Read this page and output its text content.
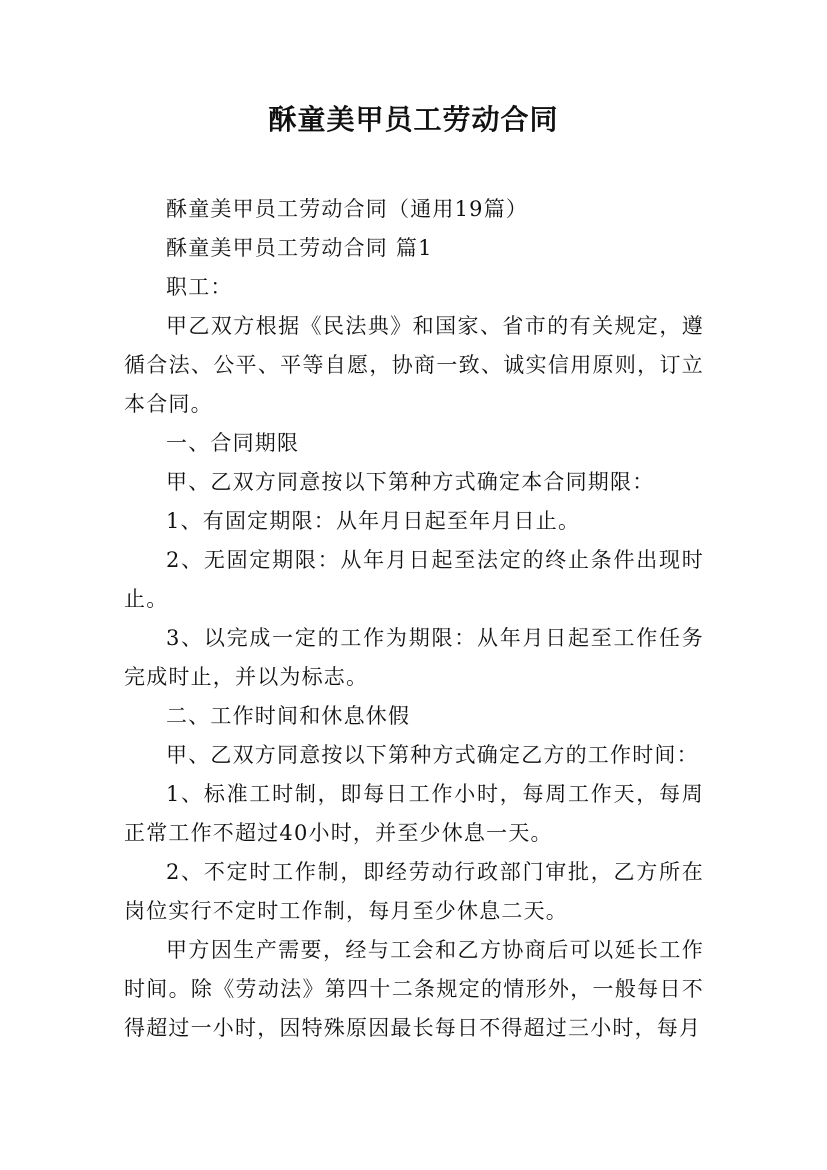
酥童美甲员工劳动合同

酥童美甲员工劳动合同（通用19篇）

酥童美甲员工劳动合同 篇1

职工：

甲乙双方根据《民法典》和国家、省市的有关规定，遵循合法、公平、平等自愿，协商一致、诚实信用原则，订立本合同。

一、合同期限

甲、乙双方同意按以下第种方式确定本合同期限：

1、有固定期限：从年月日起至年月日止。

2、无固定期限：从年月日起至法定的终止条件出现时止。

3、以完成一定的工作为期限：从年月日起至工作任务完成时止，并以为标志。

二、工作时间和休息休假

甲、乙双方同意按以下第种方式确定乙方的工作时间：

1、标准工时制，即每日工作小时，每周工作天，每周正常工作不超过40小时，并至少休息一天。

2、不定时工作制，即经劳动行政部门审批，乙方所在岗位实行不定时工作制，每月至少休息二天。

甲方因生产需要，经与工会和乙方协商后可以延长工作时间。除《劳动法》第四十二条规定的情形外，一般每日不得超过一小时，因特殊原因最长每日不得超过三小时，每月
